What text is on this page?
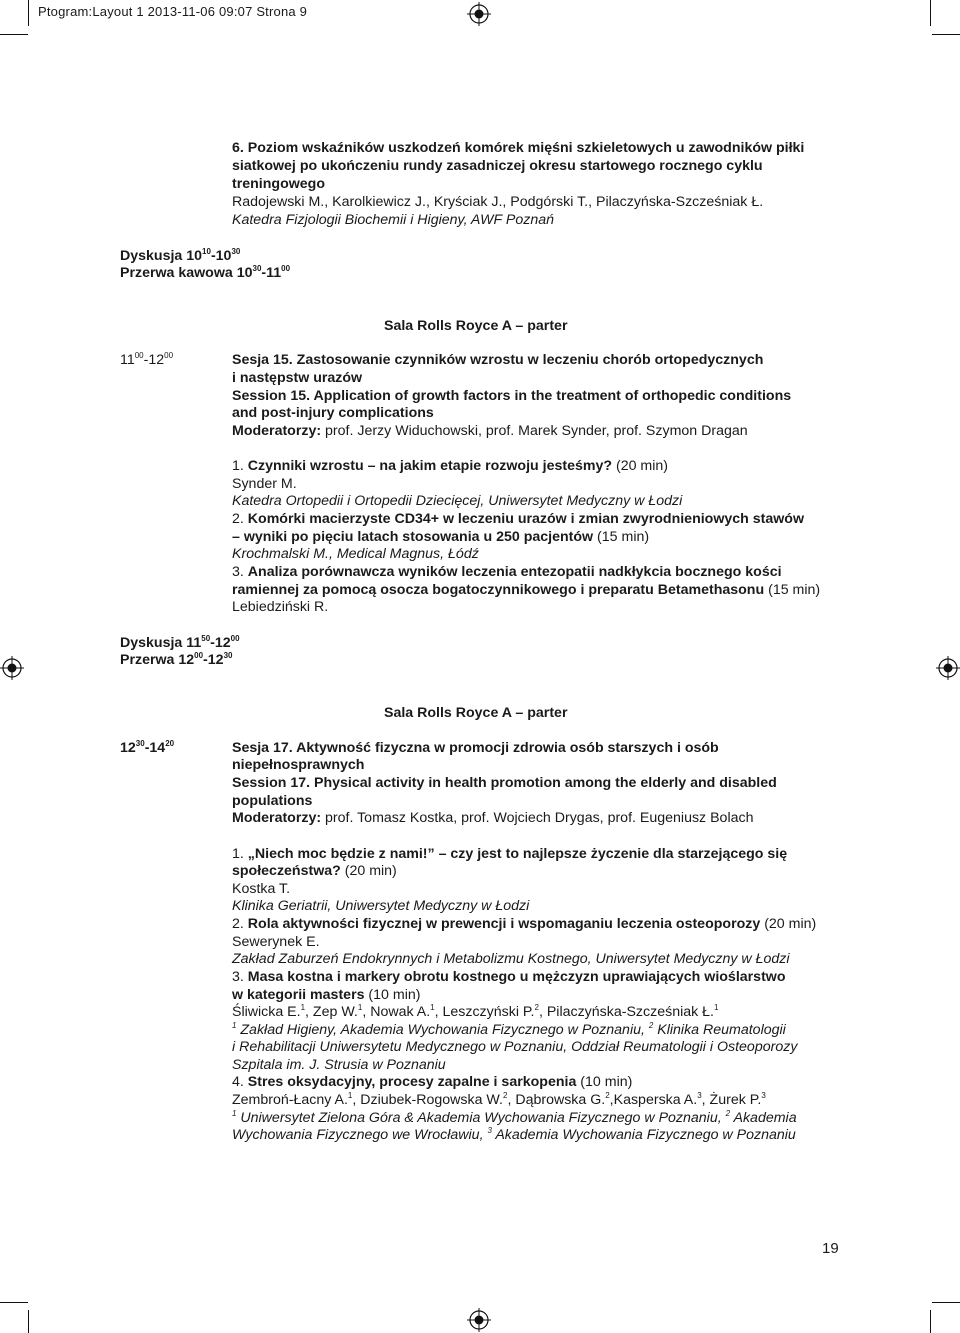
Ptogram:Layout 1 2013-11-06 09:07 Strona 9
6. Poziom wskaźników uszkodzeń komórek mięśni szkieletowych u zawodników piłki
siatkowej po ukończeniu rundy zasadniczej okresu startowego rocznego cyklu
treningowego
Radojewski M., Karolkiewicz J., Kryściak J., Podgórski T., Pilaczyńska-Szcześniak Ł.
Katedra Fizjologii Biochemii i Higieny, AWF Poznań
Dyskusja $10^{10}-10^{30}$
Przerwa kawowa $10^{30}-11^{00}$
Sala Rolls Royce A – parter
$11^{00}-12^{00}$	Sesja 15. Zastosowanie czynników wzrostu w leczeniu chorób ortopedycznych
i następstw urazów
Session 15. Application of growth factors in the treatment of orthopedic conditions
and post-injury complications
Moderatorzy: prof. Jerzy Widuchowski, prof. Marek Synder, prof. Szymon Dragan
1. Czynniki wzrostu – na jakim etapie rozwoju jesteśmy? (20 min)
Synder M.
Katedra Ortopedii i Ortopedii Dziecięcej, Uniwersytet Medyczny w Łodzi
2. Komórki macierzyste CD34+ w leczeniu urazów i zmian zwyrodnieniowych stawów
– wyniki po pięciu latach stosowania u 250 pacjentów (15 min)
Krochmalski M., Medical Magnus, Łódź
3. Analiza porównawcza wyników leczenia entezopatii nadkłykcia bocznego kości
ramiennej za pomocą osocza bogatoczynnikowego i preparatu Betamethasonu (15 min)
Lebiedziński R.
Dyskusja $11^{50}-12^{00}$
Przerwa $12^{00}-12^{30}$
Sala Rolls Royce A – parter
$12^{30}-14^{20}$	Sesja 17. Aktywność fizyczna w promocji zdrowia osób starszych i osób
niepełnosprawnych
Session 17. Physical activity in health promotion among the elderly and disabled
populations
Moderatorzy: prof. Tomasz Kostka, prof. Wojciech Drygas, prof. Eugeniusz Bolach
1. „Niech moc będzie z nami!” – czy jest to najlepsze życzenie dla starzejącego się
społeczeństwa? (20 min)
Kostka T.
Klinika Geriatrii, Uniwersytet Medyczny w Łodzi
2. Rola aktywności fizycznej w prewencji i wspomaganiu leczenia osteoporozy (20 min)
Sewerynek E.
Zakład Zaburzeń Endokrynnych i Metabolizmu Kostnego, Uniwersytet Medyczny w Łodzi
3. Masa kostna i markery obrotu kostnego u mężczyzn uprawiających wioślarstwo
w kategorii masters (10 min)
Śliwicka E.$^1$, Zep W.$^1$, Nowak A.$^1$, Leszczyński P.$^2$, Pilaczyńska-Szcześniak Ł.$^1$
$^1$ Zakład Higieny, Akademia Wychowania Fizycznego w Poznaniu, $^2$ Klinika Reumatologii
i Rehabilitacji Uniwersytetu Medycznego w Poznaniu, Oddział Reumatologii i Osteoporozy
Szpitala im. J. Strusia w Poznaniu
4. Stres oksydacyjny, procesy zapalne i sarkopenia (10 min)
Zembroń-Łacny A.$^1$, Dziubek-Rogowska W.$^2$, Dąbrowska G.$^2$,Kasperska A.$^3$, Żurek P.$^3$
$^1$ Uniwersytet Zielona Góra & Akademia Wychowania Fizycznego w Poznaniu, $^2$ Akademia
Wychowania Fizycznego we Wrocławiu, $^3$ Akademia Wychowania Fizycznego w Poznaniu
19
